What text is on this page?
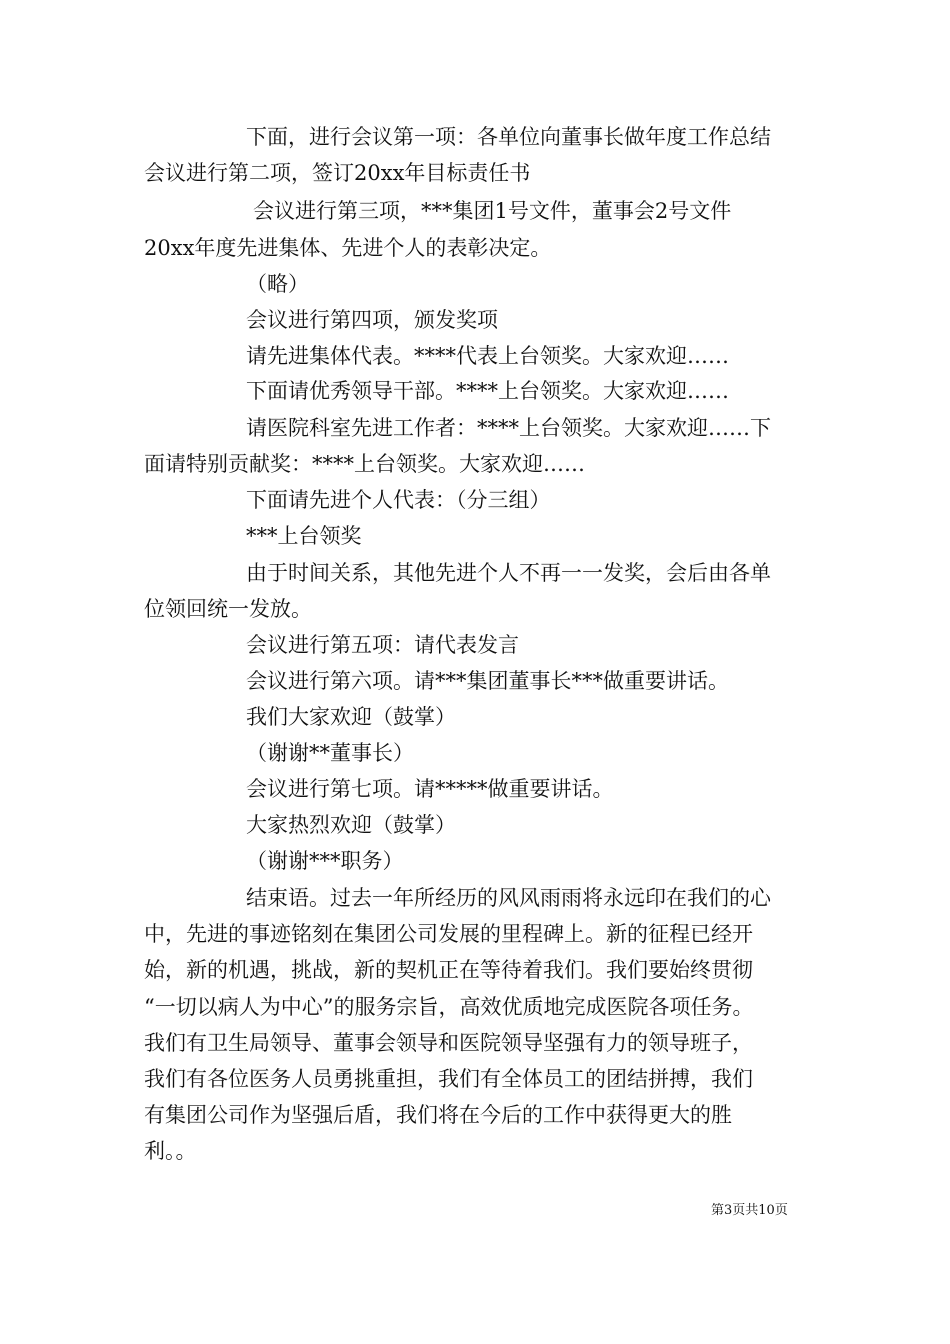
下面，进行会议第一项：各单位向董事长做年度工作总结
会议进行第二项，签订20xx年目标责任书
会议进行第三项，***集团1号文件，董事会2号文件
20xx年度先进集体、先进个人的表彰决定。
（略）
会议进行第四项，颁发奖项
请先进集体代表。****代表上台领奖。大家欢迎……
下面请优秀领导干部。****上台领奖。大家欢迎……
请医院科室先进工作者：****上台领奖。大家欢迎……下
面请特别贡献奖：****上台领奖。大家欢迎……
下面请先进个人代表：（分三组）
***上台领奖
由于时间关系，其他先进个人不再一一发奖，会后由各单
位领回统一发放。
会议进行第五项：请代表发言
会议进行第六项。请***集团董事长***做重要讲话。
我们大家欢迎（鼓掌）
（谢谢**董事长）
会议进行第七项。请*****做重要讲话。
大家热烈欢迎（鼓掌）
（谢谢***职务）
结束语。过去一年所经历的风风雨雨将永远印在我们的心
中，先进的事迹铭刻在集团公司发展的里程碑上。新的征程已经开
始，新的机遇，挑战，新的契机正在等待着我们。我们要始终贯彻
“一切以病人为中心”的服务宗旨，高效优质地完成医院各项任务。
我们有卫生局领导、董事会领导和医院领导坚强有力的领导班子，
我们有各位医务人员勇挑重担，我们有全体员工的团结拼搏，我们
有集团公司作为坚强后盾，我们将在今后的工作中获得更大的胜
利。。
第3页共10页
